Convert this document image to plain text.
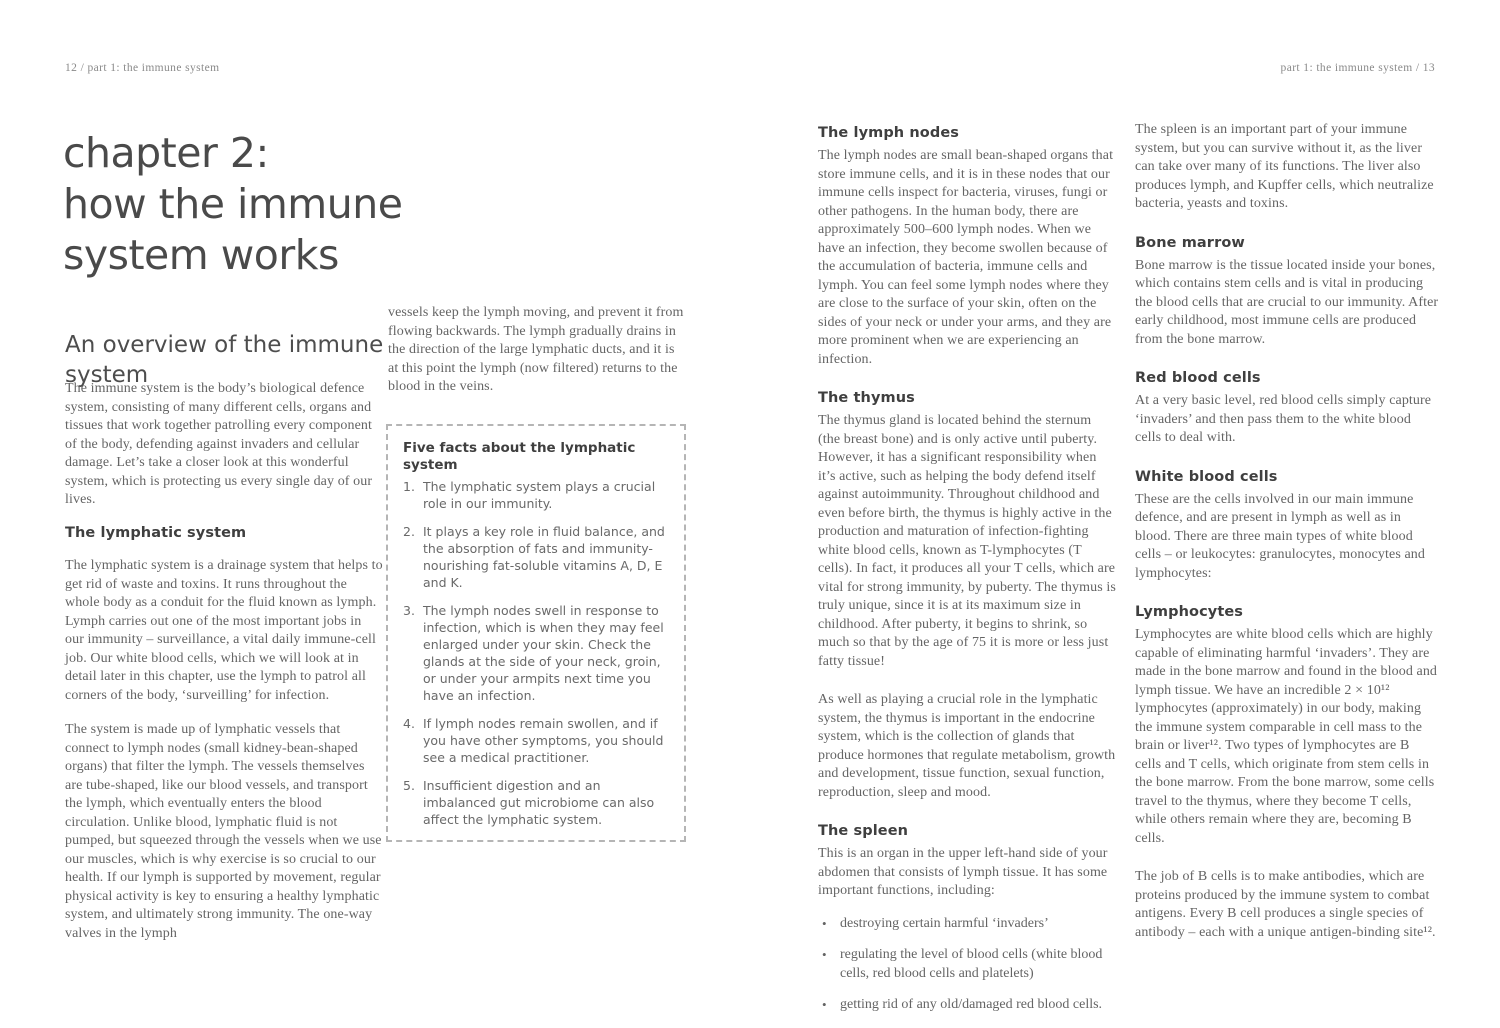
12 / part 1: the immune system	part 1: the immune system / 13
chapter 2:
how the immune
system works
An overview of the immune system

The immune system is the body’s biological defence system, consisting of many different cells, organs and tissues that work together patrolling every component of the body, defending against invaders and cellular damage. Let’s take a closer look at this wonderful system, which is protecting us every single day of our lives.

The lymphatic system

The lymphatic system is a drainage system that helps to get rid of waste and toxins. It runs throughout the whole body as a conduit for the fluid known as lymph. Lymph carries out one of the most important jobs in our immunity – surveillance, a vital daily immune-cell job. Our white blood cells, which we will look at in detail later in this chapter, use the lymph to patrol all corners of the body, ‘surveilling’ for infection.

The system is made up of lymphatic vessels that connect to lymph nodes (small kidney-bean-shaped organs) that filter the lymph. The vessels themselves are tube-shaped, like our blood vessels, and transport the lymph, which eventually enters the blood circulation. Unlike blood, lymphatic fluid is not pumped, but squeezed through the vessels when we use our muscles, which is why exercise is so crucial to our health. If our lymph is supported by movement, regular physical activity is key to ensuring a healthy lymphatic system, and ultimately strong immunity. The one-way valves in the lymph

vessels keep the lymph moving, and prevent it from flowing backwards. The lymph gradually drains in the direction of the large lymphatic ducts, and it is at this point the lymph (now filtered) returns to the blood in the veins.

Five facts about the lymphatic system
1. The lymphatic system plays a crucial role in our immunity.
2. It plays a key role in fluid balance, and the absorption of fats and immunity-nourishing fat-soluble vitamins A, D, E and K.
3. The lymph nodes swell in response to infection, which is when they may feel enlarged under your skin. Check the glands at the side of your neck, groin, or under your armpits next time you have an infection.
4. If lymph nodes remain swollen, and if you have other symptoms, you should see a medical practitioner.
5. Insufficient digestion and an imbalanced gut microbiome can also affect the lymphatic system.
The lymph nodes

The lymph nodes are small bean-shaped organs that store immune cells, and it is in these nodes that our immune cells inspect for bacteria, viruses, fungi or other pathogens. In the human body, there are approximately 500–600 lymph nodes. When we have an infection, they become swollen because of the accumulation of bacteria, immune cells and lymph. You can feel some lymph nodes where they are close to the surface of your skin, often on the sides of your neck or under your arms, and they are more prominent when we are experiencing an infection.

The thymus

The thymus gland is located behind the sternum (the breast bone) and is only active until puberty. However, it has a significant responsibility when it’s active, such as helping the body defend itself against autoimmunity. Throughout childhood and even before birth, the thymus is highly active in the production and maturation of infection-fighting white blood cells, known as T-lymphocytes (T cells). In fact, it produces all your T cells, which are vital for strong immunity, by puberty. The thymus is truly unique, since it is at its maximum size in childhood. After puberty, it begins to shrink, so much so that by the age of 75 it is more or less just fatty tissue!

As well as playing a crucial role in the lymphatic system, the thymus is important in the endocrine system, which is the collection of glands that produce hormones that regulate metabolism, growth and development, tissue function, sexual function, reproduction, sleep and mood.

The spleen

This is an organ in the upper left-hand side of your abdomen that consists of lymph tissue. It has some important functions, including:

• destroying certain harmful ‘invaders’
• regulating the level of blood cells (white blood cells, red blood cells and platelets)
• getting rid of any old/damaged red blood cells.

The spleen is an important part of your immune system, but you can survive without it, as the liver can take over many of its functions. The liver also produces lymph, and Kupffer cells, which neutralize bacteria, yeasts and toxins.

Bone marrow

Bone marrow is the tissue located inside your bones, which contains stem cells and is vital in producing the blood cells that are crucial to our immunity. After early childhood, most immune cells are produced from the bone marrow.

Red blood cells

At a very basic level, red blood cells simply capture ‘invaders’ and then pass them to the white blood cells to deal with.

White blood cells

These are the cells involved in our main immune defence, and are present in lymph as well as in blood. There are three main types of white blood cells – or leukocytes: granulocytes, monocytes and lymphocytes:

Lymphocytes

Lymphocytes are white blood cells which are highly capable of eliminating harmful ‘invaders’. They are made in the bone marrow and found in the blood and lymph tissue. We have an incredible 2 × 10¹² lymphocytes (approximately) in our body, making the immune system comparable in cell mass to the brain or liver¹². Two types of lymphocytes are B cells and T cells, which originate from stem cells in the bone marrow. From the bone marrow, some cells travel to the thymus, where they become T cells, while others remain where they are, becoming B cells.

The job of B cells is to make antibodies, which are proteins produced by the immune system to combat antigens. Every B cell produces a single species of antibody – each with a unique antigen-binding site¹².
